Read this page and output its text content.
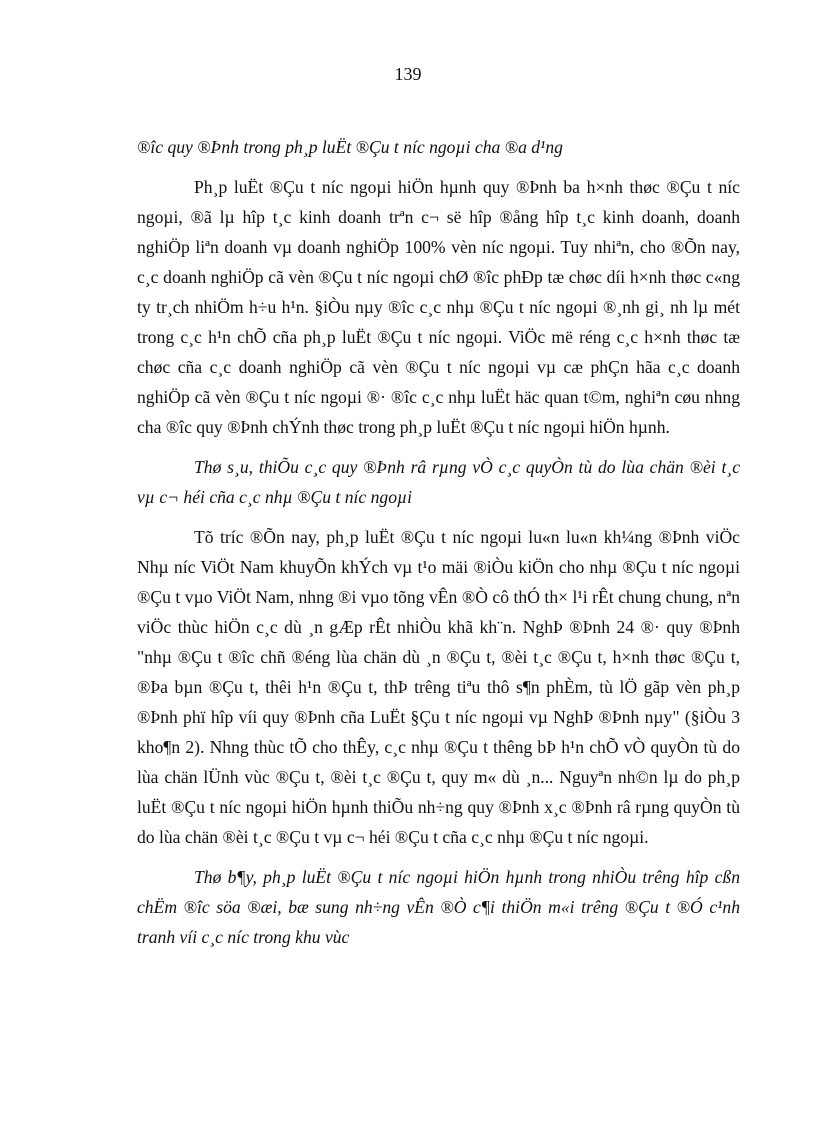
139

®îc quy ®Þnh trong ph¸p luËt ®Çu t níc ngoµi cha ®a d¹ng

Ph¸p luËt ®Çu t níc ngoµi hiÖn hµnh quy ®Þnh ba h×nh thøc ®Çu t níc ngoµi, ®ã lµ hîp t¸c kinh doanh trªn c¬ së hîp ®ång hîp t¸c kinh doanh, doanh nghiÖp liªn doanh vµ doanh nghiÖp 100% vèn níc ngoµi. Tuy nhiªn, cho ®Õn nay, c¸c doanh nghiÖp cã vèn ®Çu t níc ngoµi chØ ®îc phÐp tæ chøc díi h×nh thøc c«ng ty tr¸ch nhiÖm h÷u h¹n. §iÒu nµy ®îc c¸c nhµ ®Çu t níc ngoµi ®¸nh gi¸ nh lµ mét trong c¸c h¹n chÕ cña ph¸p luËt ®Çu t níc ngoµi. ViÖc më réng c¸c h×nh thøc tæ chøc cña c¸c doanh nghiÖp cã vèn ®Çu t níc ngoµi vµ cæ phÇn hãa c¸c doanh nghiÖp cã vèn ®Çu t níc ngoµi ®· ®îc c¸c nhµ luËt häc quan t©m, nghiªn cøu nhng cha ®îc quy ®Þnh chÝnh thøc trong ph¸p luËt ®Çu t níc ngoµi hiÖn hµnh.

Thø s¸u, thiÕu c¸c quy ®Þnh râ rµng vÒ c¸c quyÒn tù do lùa chän ®èi t¸c vµ c¬ héi cña c¸c nhµ ®Çu t níc ngoµi

Tõ tríc ®Õn nay, ph¸p luËt ®Çu t níc ngoµi lu«n lu«n kh¼ng ®Þnh viÖc Nhµ níc ViÖt Nam khuyÕn khÝch vµ t¹o mäi ®iÒu kiÖn cho nhµ ®Çu t níc ngoµi ®Çu t vµo ViÖt Nam, nhng ®i vµo tõng vÊn ®Ò cô thÓ th× l¹i rÊt chung chung, nªn viÖc thùc hiÖn c¸c dù ¸n gÆp rÊt nhiÒu khã kh¨n. NghÞ ®Þnh 24 ®· quy ®Þnh "nhµ ®Çu t ®îc chñ ®éng lùa chän dù ¸n ®Çu t, ®èi t¸c ®Çu t, h×nh thøc ®Çu t, ®Þa bµn ®Çu t, thêi h¹n ®Çu t, thÞ trêng tiªu thô s¶n phÈm, tù lÖ gãp vèn ph¸p ®Þnh phï hîp víi quy ®Þnh cña LuËt §Çu t níc ngoµi vµ NghÞ ®Þnh nµy" (§iÒu 3 kho¶n 2). Nhng thùc tÕ cho thÊy, c¸c nhµ ®Çu t thêng bÞ h¹n chÕ vÒ quyÒn tù do lùa chän lÜnh vùc ®Çu t, ®èi t¸c ®Çu t, quy m« dù ¸n... Nguyªn nh©n lµ do ph¸p luËt ®Çu t níc ngoµi hiÖn hµnh thiÕu nh÷ng quy ®Þnh x¸c ®Þnh râ rµng quyÒn tù do lùa chän ®èi t¸c ®Çu t vµ c¬ héi ®Çu t cña c¸c nhµ ®Çu t níc ngoµi.

Thø b¶y, ph¸p luËt ®Çu t níc ngoµi hiÖn hµnh trong nhiÒu trêng hîp cßn chËm ®îc söa ®æi, bæ sung nh÷ng vÊn ®Ò c¶i thiÖn m«i trêng ®Çu t ®Ó c¹nh tranh víi c¸c níc trong khu vùc
